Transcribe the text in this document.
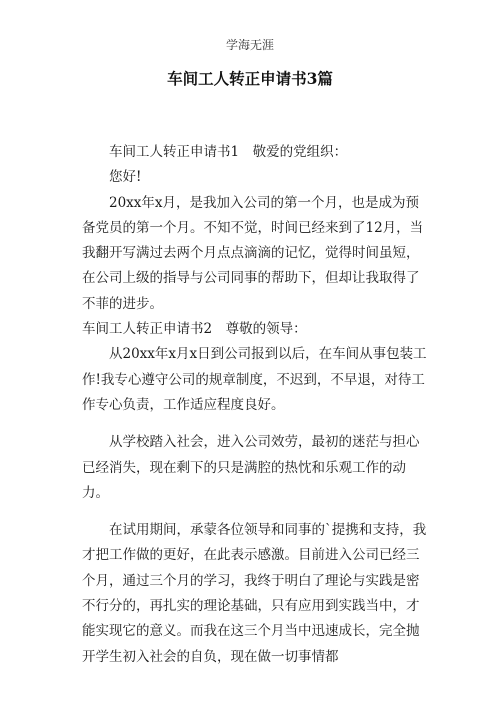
学海无涯
车间工人转正申请书3篇

车间工人转正申请书1　敬爱的党组织：

您好!

20xx年x月，是我加入公司的第一个月，也是成为预备党员的第一个月。不知不觉，时间已经来到了12月，当我翻开写满过去两个月点点滴滴的记忆，觉得时间虽短，在公司上级的指导与公司同事的帮助下，但却让我取得了不菲的进步。

车间工人转正申请书2　尊敬的领导：

从20xx年x月x日到公司报到以后，在车间从事包装工作!我专心遵守公司的规章制度，不迟到，不早退，对待工作专心负责，工作适应程度良好。

从学校踏入社会，进入公司效劳，最初的迷茫与担心已经消失，现在剩下的只是满腔的热忱和乐观工作的动力。

在试用期间，承蒙各位领导和同事的`提携和支持，我才把工作做的更好，在此表示感激。目前进入公司已经三个月，通过三个月的学习，我终于明白了理论与实践是密不行分的，再扎实的理论基础，只有应用到实践当中，才能实现它的意义。而我在这三个月当中迅速成长，完全抛开学生初入社会的自负，现在做一切事情都
